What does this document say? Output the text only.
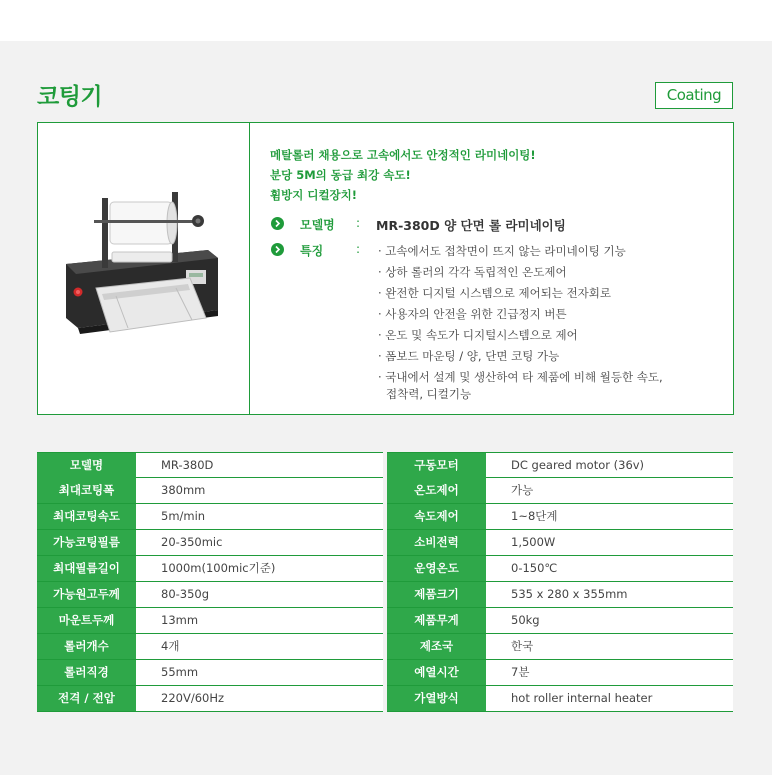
코팅기	Coating
메탈롤러 채용으로 고속에서도 안정적인 라미네이팅!
분당 5M의 동급 최강 속도!
휨방지 디컬장치!
모델명 : MR-380D 양 단면 롤 라미네이팅
특징	: · 고속에서도 접착면이 뜨지 않는 라미네이팅 기능
· 상하 롤러의 각각 독립적인 온도제어
· 완전한 디지털 시스템으로 제어되는 전자회로
· 사용자의 안전을 위한 긴급정지 버튼
· 온도 및 속도가 디지털시스템으로 제어
· 폼보드 마운팅 / 양, 단면 코팅 가능
· 국내에서 설계 및 생산하여 타 제품에 비해 월등한 속도,
접착력, 디컬기능
모델명	MR-380D
최대코팅폭	380mm
최대코팅속도	5m/min
가능코팅필름	20-350mic
최대필름길이	1000m(100mic기준)
가능원고두께	80-350g
마운트두께	13mm
롤러개수	4개
롤러직경	55mm
전격 / 전압	220V/60Hz
구동모터	DC geared motor (36v)
온도제어	가능
속도제어	1~8단계
소비전력	1,500W
운영온도	0-150℃
제품크기	535 x 280 x 355mm
제품무게	50kg
제조국	한국
예열시간	7분
가열방식	hot roller internal heater
